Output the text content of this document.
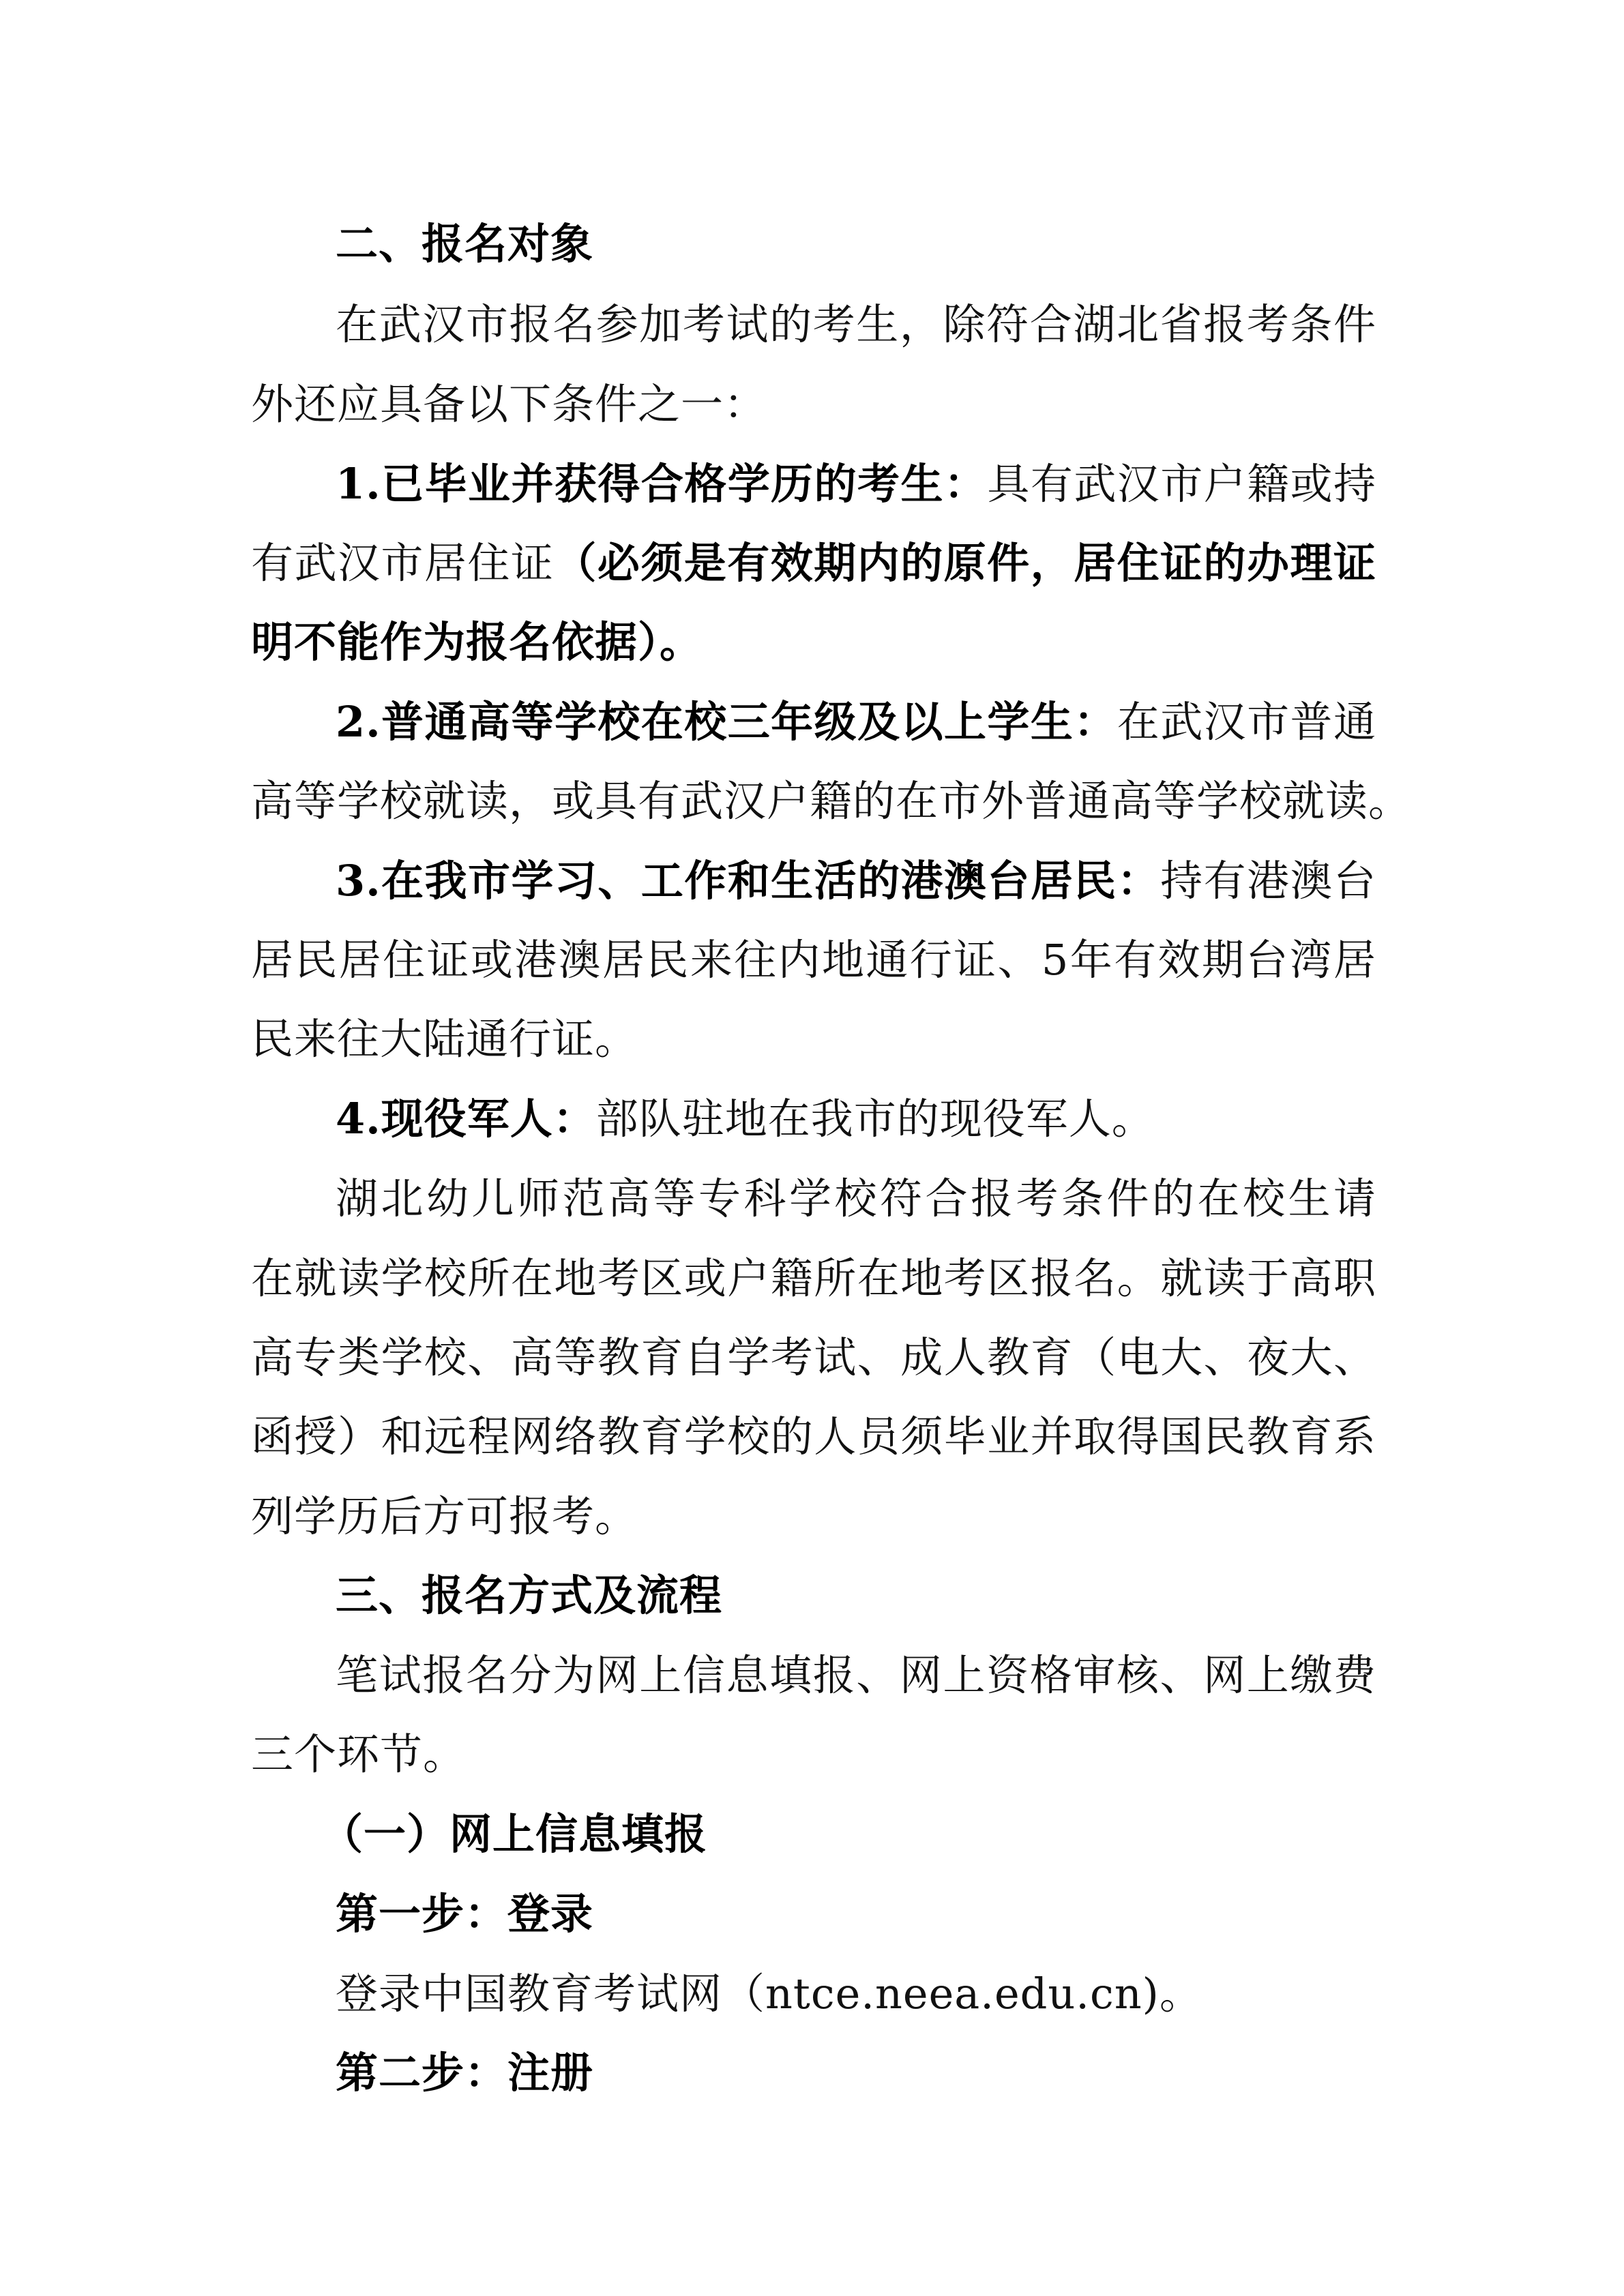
二、报名对象
在武汉市报名参加考试的考生，除符合湖北省报考条件
外还应具备以下条件之一：
1.已毕业并获得合格学历的考生：具有武汉市户籍或持
有武汉市居住证（必须是有效期内的原件，居住证的办理证
明不能作为报名依据）。
2.普通高等学校在校三年级及以上学生：在武汉市普通
高等学校就读，或具有武汉户籍的在市外普通高等学校就读。
3.在我市学习、工作和生活的港澳台居民：持有港澳台
居民居住证或港澳居民来往内地通行证、5年有效期台湾居
民来往大陆通行证。
4.现役军人：部队驻地在我市的现役军人。
湖北幼儿师范高等专科学校符合报考条件的在校生请
在就读学校所在地考区或户籍所在地考区报名。就读于高职
高专类学校、高等教育自学考试、成人教育（电大、夜大、
函授）和远程网络教育学校的人员须毕业并取得国民教育系
列学历后方可报考。
三、报名方式及流程
笔试报名分为网上信息填报、网上资格审核、网上缴费
三个环节。
（一）网上信息填报
第一步：登录
登录中国教育考试网（ntce.neea.edu.cn)。
第二步：注册
